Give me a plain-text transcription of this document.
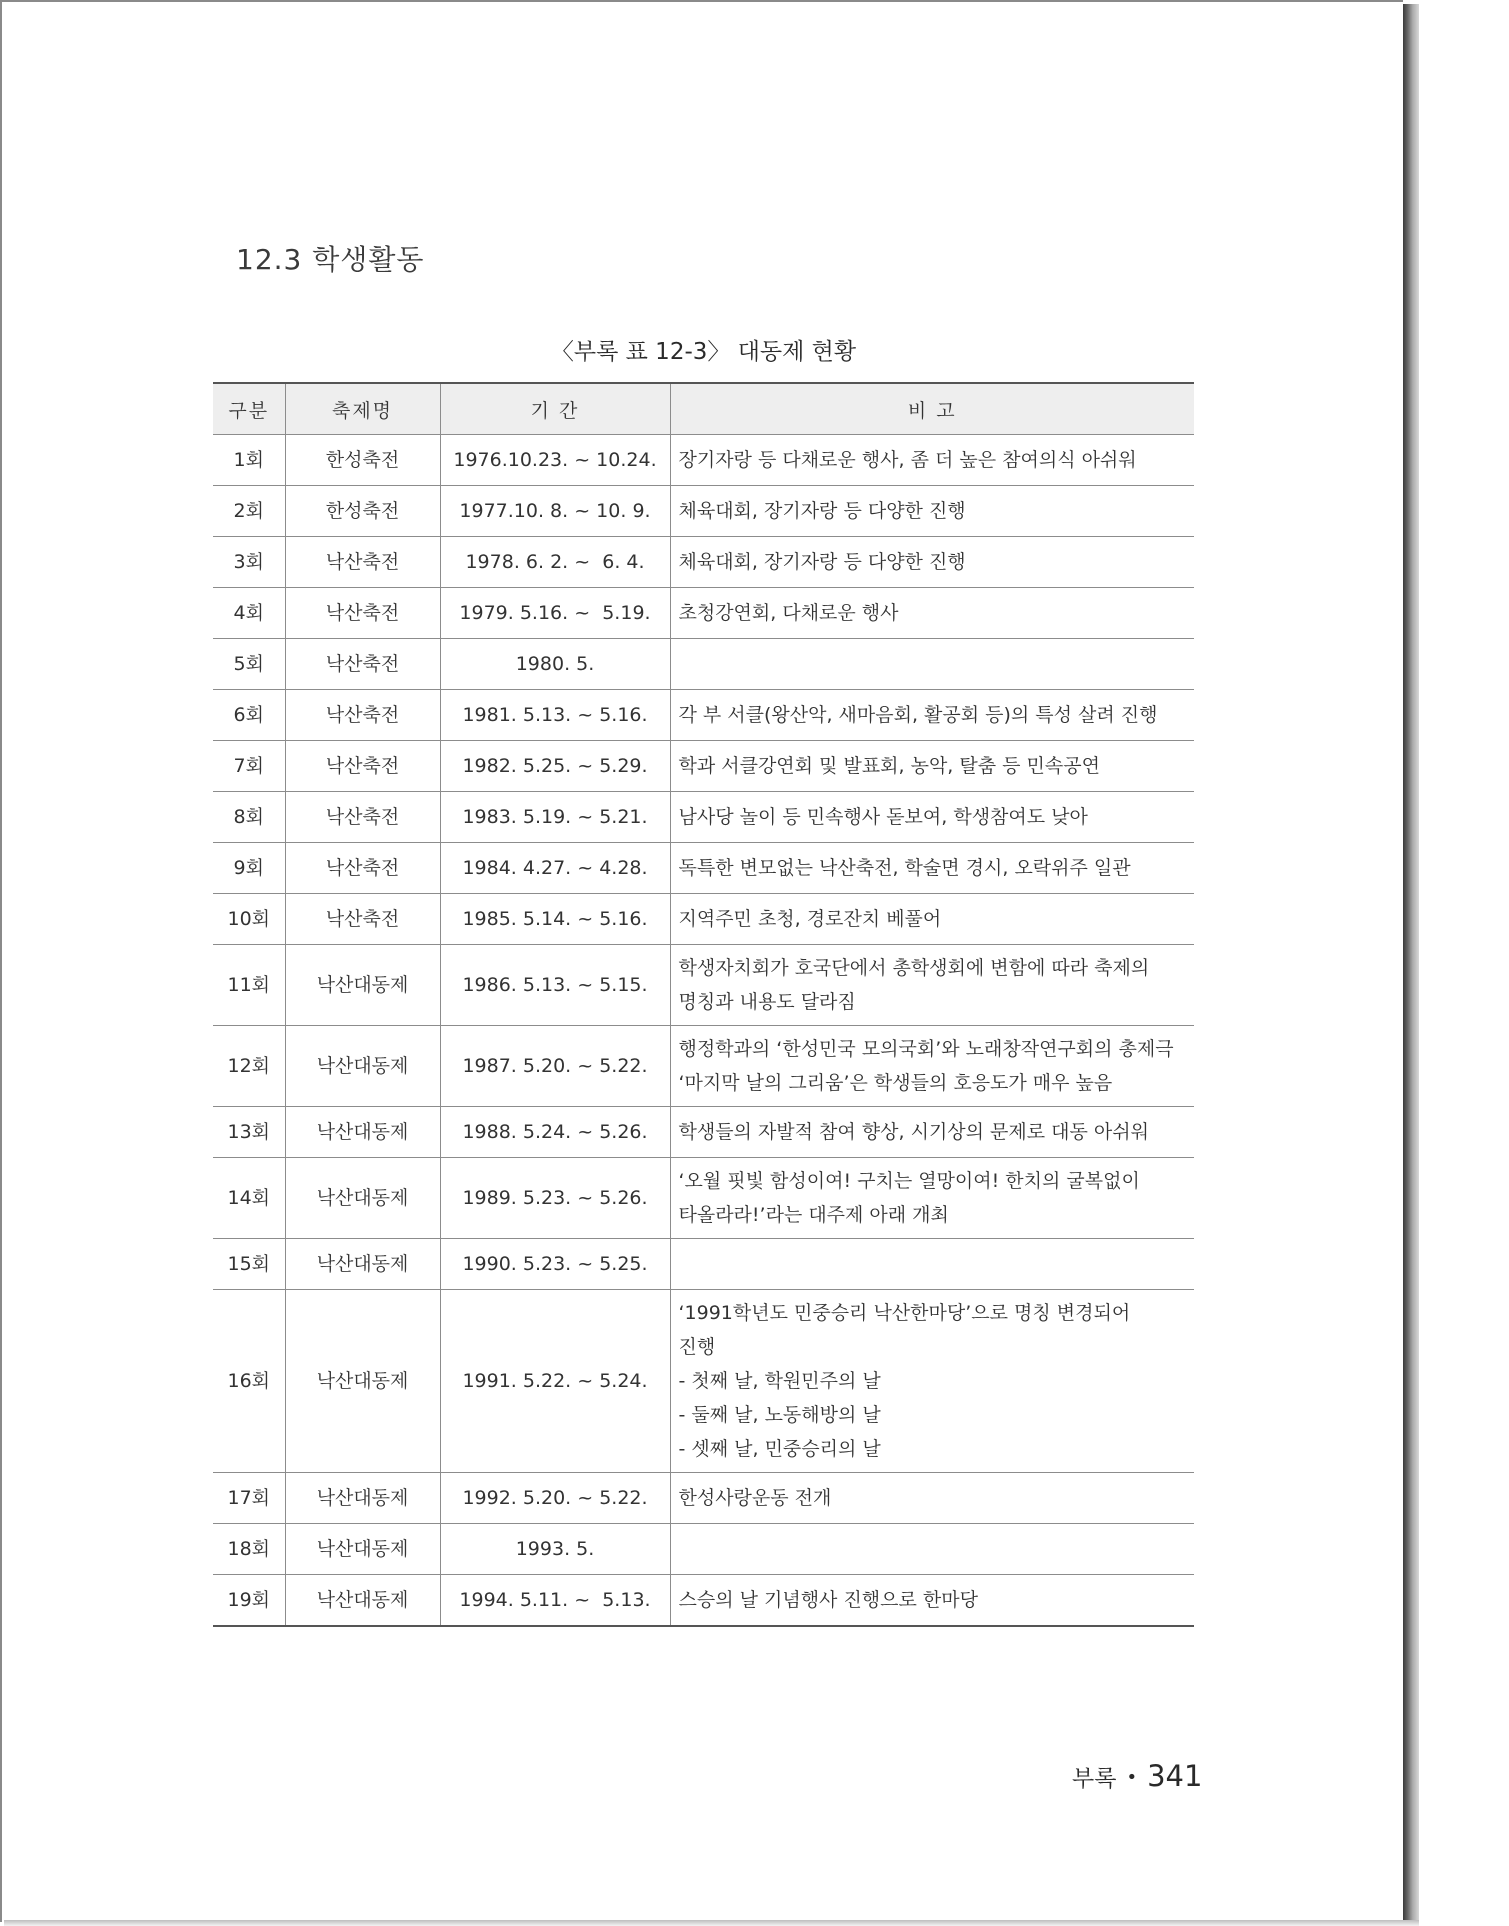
12.3 학생활동
〈부록 표 12-3〉 대동제 현황
구분	축제명	기 간	비 고
1회	한성축전	1976.10.23. ~ 10.24.	장기자랑 등 다채로운 행사, 좀 더 높은 참여의식 아쉬워

2회	한성축전	1977.10. 8. ~ 10. 9.	체육대회, 장기자랑 등 다양한 진행

3회	낙산축전	1978. 6. 2. ~  6. 4.	체육대회, 장기자랑 등 다양한 진행

4회	낙산축전	1979. 5.16. ~  5.19.	초청강연회, 다채로운 행사

5회	낙산축전	1980. 5.	
6회	낙산축전	1981. 5.13. ~ 5.16.	각 부 서클(왕산악, 새마음회, 활공회 등)의 특성 살려 진행

7회	낙산축전	1982. 5.25. ~ 5.29.	학과 서클강연회 및 발표회, 농악, 탈춤 등 민속공연

8회	낙산축전	1983. 5.19. ~ 5.21.	남사당 놀이 등 민속행사 돋보여, 학생참여도 낮아

9회	낙산축전	1984. 4.27. ~ 4.28.	독특한 변모없는 낙산축전, 학술면 경시, 오락위주 일관

10회	낙산축전	1985. 5.14. ~ 5.16.	지역주민 초청, 경로잔치 베풀어

11회	낙산대동제	1986. 5.13. ~ 5.15.	학생자치회가 호국단에서 총학생회에 변함에 따라 축제의
명칭과 내용도 달라짐

12회	낙산대동제	1987. 5.20. ~ 5.22.	행정학과의 ‘한성민국 모의국회’와 노래창작연구회의 총제극
‘마지막 날의 그리움’은 학생들의 호응도가 매우 높음

13회	낙산대동제	1988. 5.24. ~ 5.26.	학생들의 자발적 참여 향상, 시기상의 문제로 대동 아쉬워

14회	낙산대동제	1989. 5.23. ~ 5.26.	‘오월 핏빛 함성이여! 구치는 열망이여! 한치의 굴복없이
타올라라!’라는 대주제 아래 개최

15회	낙산대동제	1990. 5.23. ~ 5.25.	
16회	낙산대동제	1991. 5.22. ~ 5.24.	‘1991학년도 민중승리 낙산한마당’으로 명칭 변경되어
진행
- 첫째 날, 학원민주의 날
- 둘째 날, 노동해방의 날
- 셋째 날, 민중승리의 날

17회	낙산대동제	1992. 5.20. ~ 5.22.	한성사랑운동 전개

18회	낙산대동제	1993. 5.	
19회	낙산대동제	1994. 5.11. ~  5.13.	스승의 날 기념행사 진행으로 한마당
부록 • 341
